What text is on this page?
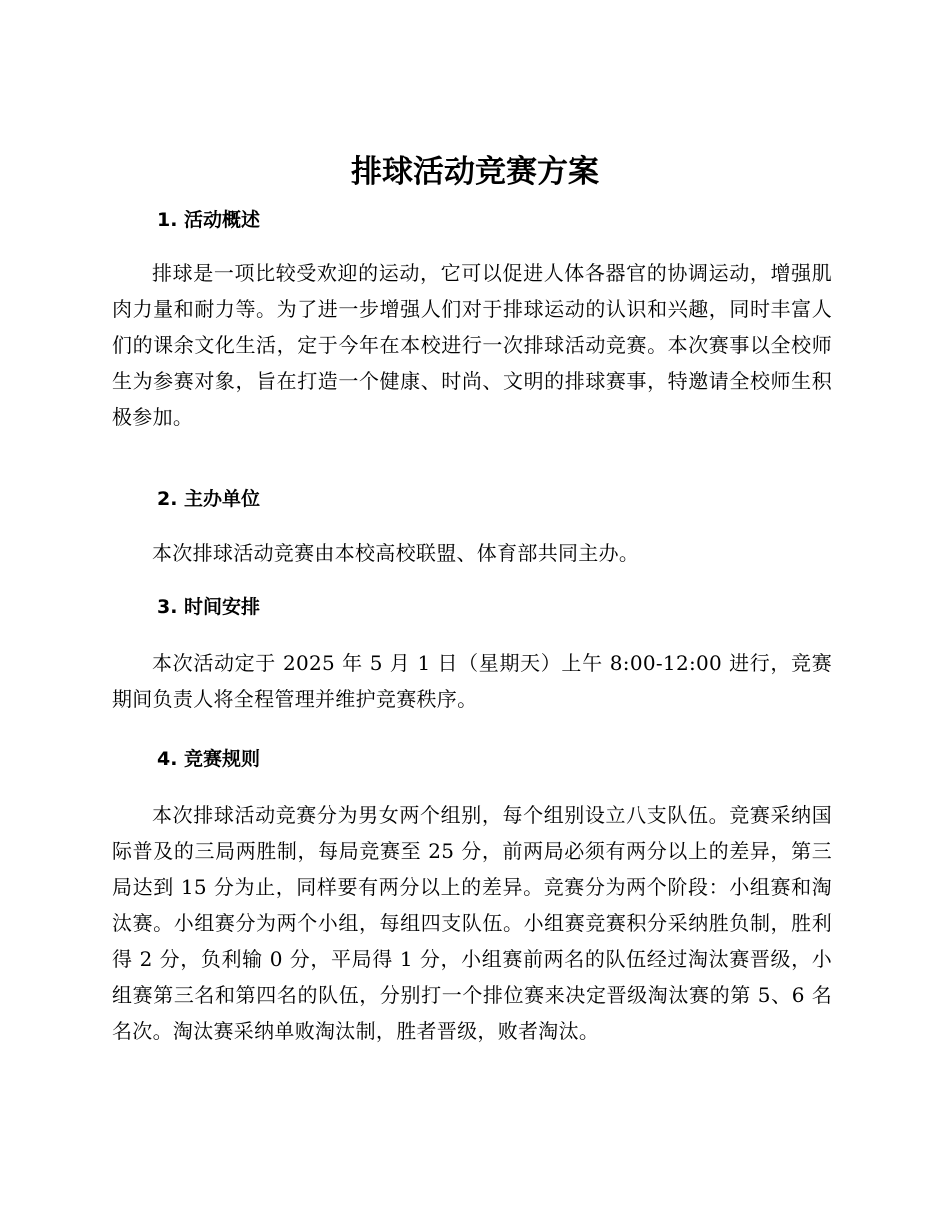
排球活动竞赛方案
1. 活动概述

排球是一项比较受欢迎的运动，它可以促进人体各器官的协调运动，增强肌肉力量和耐力等。为了进一步增强人们对于排球运动的认识和兴趣，同时丰富人们的课余文化生活，定于今年在本校进行一次排球活动竞赛。本次赛事以全校师生为参赛对象，旨在打造一个健康、时尚、文明的排球赛事，特邀请全校师生积极参加。

2. 主办单位

本次排球活动竞赛由本校高校联盟、体育部共同主办。

3. 时间安排

本次活动定于 2025 年 5 月 1 日（星期天）上午 8:00-12:00 进行，竞赛期间负责人将全程管理并维护竞赛秩序。

4. 竞赛规则

本次排球活动竞赛分为男女两个组别，每个组别设立八支队伍。竞赛采纳国际普及的三局两胜制，每局竞赛至 25 分，前两局必须有两分以上的差异，第三局达到 15 分为止，同样要有两分以上的差异。竞赛分为两个阶段：小组赛和淘汰赛。小组赛分为两个小组，每组四支队伍。小组赛竞赛积分采纳胜负制，胜利得 2 分，负利输 0 分，平局得 1 分，小组赛前两名的队伍经过淘汰赛晋级，小组赛第三名和第四名的队伍，分别打一个排位赛来决定晋级淘汰赛的第 5、6 名名次。淘汰赛采纳单败淘汰制，胜者晋级，败者淘汰。
